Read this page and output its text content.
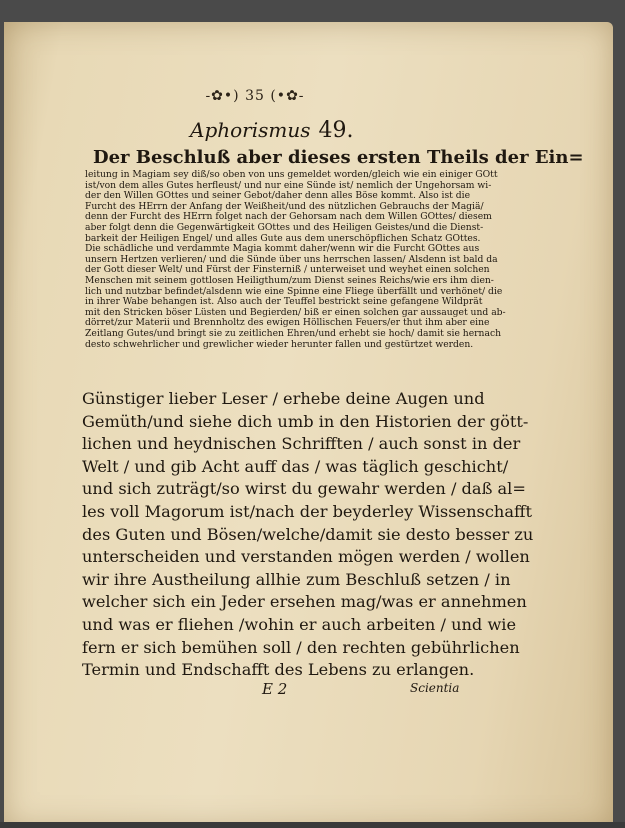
-✿•) 35 (•✿-
Aphorismus 49.
Der Beschluß aber dieses ersten Theils der Ein=
leitung in Magiam sey diß/so oben von uns gemeldet worden/gleich wie ein einiger GOtt
ist/von dem alles Gutes herfleust/ und nur eine Sünde ist/ nemlich der Ungehorsam wi-
der den Willen GOttes und seiner Gebot/daher denn alles Böse kommt. Also ist die
Furcht des HErrn der Anfang der Weißheit/und des nützlichen Gebrauchs der Magiä/
denn der Furcht des HErrn folget nach der Gehorsam nach dem Willen GOttes/ diesem
aber folgt denn die Gegenwärtigkeit GOttes und des Heiligen Geistes/und die Dienst-
barkeit der Heiligen Engel/ und alles Gute aus dem unerschöpflichen Schatz GOttes.
Die schädliche und verdammte Magia kommt daher/wenn wir die Furcht GOttes aus
unsern Hertzen verlieren/ und die Sünde über uns herrschen lassen/ Alsdenn ist bald da
der Gott dieser Welt/ und Fürst der Finsterniß / unterweiset und weyhet einen solchen
Menschen mit seinem gottlosen Heiligthum/zum Dienst seines Reichs/wie ers ihm dien-
lich und nutzbar befindet/alsdenn wie eine Spinne eine Fliege überfällt und verhönet/ die
in ihrer Wabe behangen ist. Also auch der Teuffel bestrickt seine gefangene Wildprät
mit den Stricken böser Lüsten und Begierden/ biß er einen solchen gar aussauget und ab-
dörret/zur Materii und Brennholtz des ewigen Höllischen Feuers/er thut ihm aber eine
Zeitlang Gutes/und bringt sie zu zeitlichen Ehren/und erhebt sie hoch/ damit sie hernach
desto schwehrlicher und grewlicher wieder herunter fallen und gestürtzet werden.
Günstiger lieber Leser / erhebe deine Augen und
Gemüth/und siehe dich umb in den Historien der gött-
lichen und heydnischen Schrifften / auch sonst in der
Welt / und gib Acht auff das / was täglich geschicht/
und sich zuträgt/so wirst du gewahr werden / daß al=
les voll Magorum ist/nach der beyderley Wissenschafft
des Guten und Bösen/welche/damit sie desto besser zu
unterscheiden und verstanden mögen werden / wollen
wir ihre Austheilung allhie zum Beschluß setzen / in
welcher sich ein Jeder ersehen mag/was er annehmen
und was er fliehen /wohin er auch arbeiten / und wie
fern er sich bemühen soll / den rechten gebührlichen
Termin und Endschafft des Lebens zu erlangen.
E 2	Scientia
